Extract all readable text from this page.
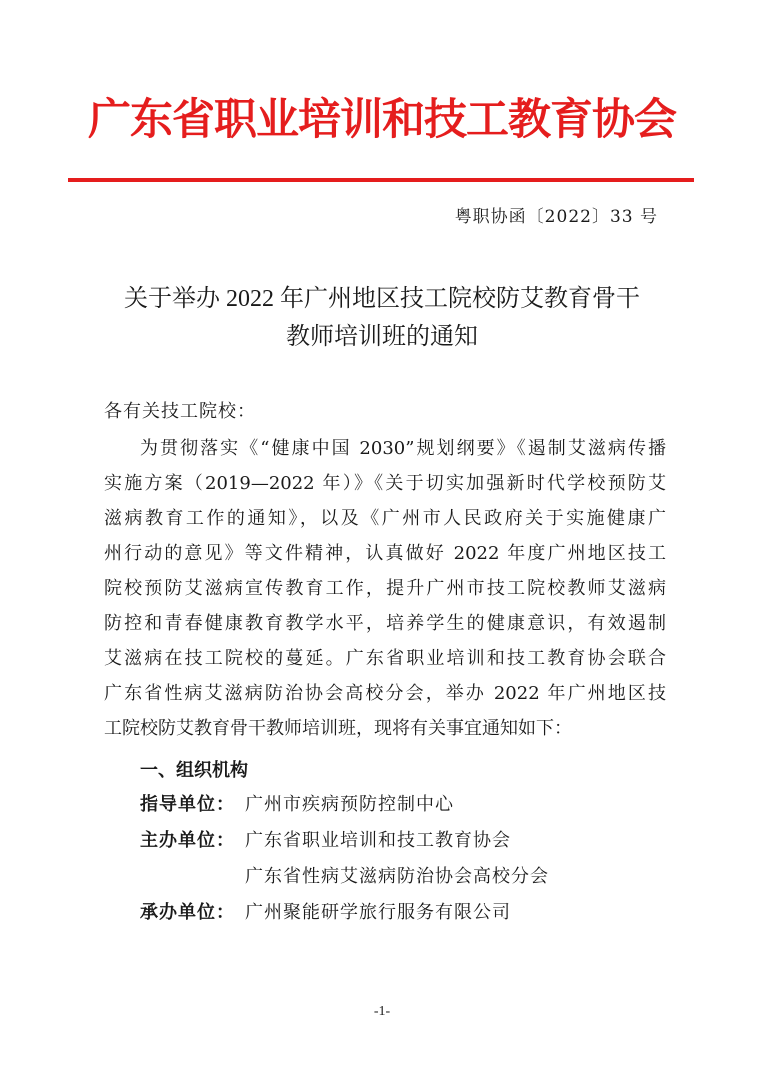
广东省职业培训和技工教育协会
粤职协函〔2022〕33 号
关于举办 2022 年广州地区技工院校防艾教育骨干
教师培训班的通知
各有关技工院校：
为贯彻落实《“健康中国 2030”规划纲要》《遏制艾滋病传播
实施方案（2019—2022 年）》《关于切实加强新时代学校预防艾
滋病教育工作的通知》，以及《广州市人民政府关于实施健康广
州行动的意见》等文件精神，认真做好 2022 年度广州地区技工
院校预防艾滋病宣传教育工作，提升广州市技工院校教师艾滋病
防控和青春健康教育教学水平，培养学生的健康意识，有效遏制
艾滋病在技工院校的蔓延。广东省职业培训和技工教育协会联合
广东省性病艾滋病防治协会高校分会，举办 2022 年广州地区技
工院校防艾教育骨干教师培训班，现将有关事宜通知如下：
一、组织机构
指导单位： 广州市疾病预防控制中心
主办单位： 广东省职业培训和技工教育协会
广东省性病艾滋病防治协会高校分会
承办单位： 广州聚能研学旅行服务有限公司
-1-
